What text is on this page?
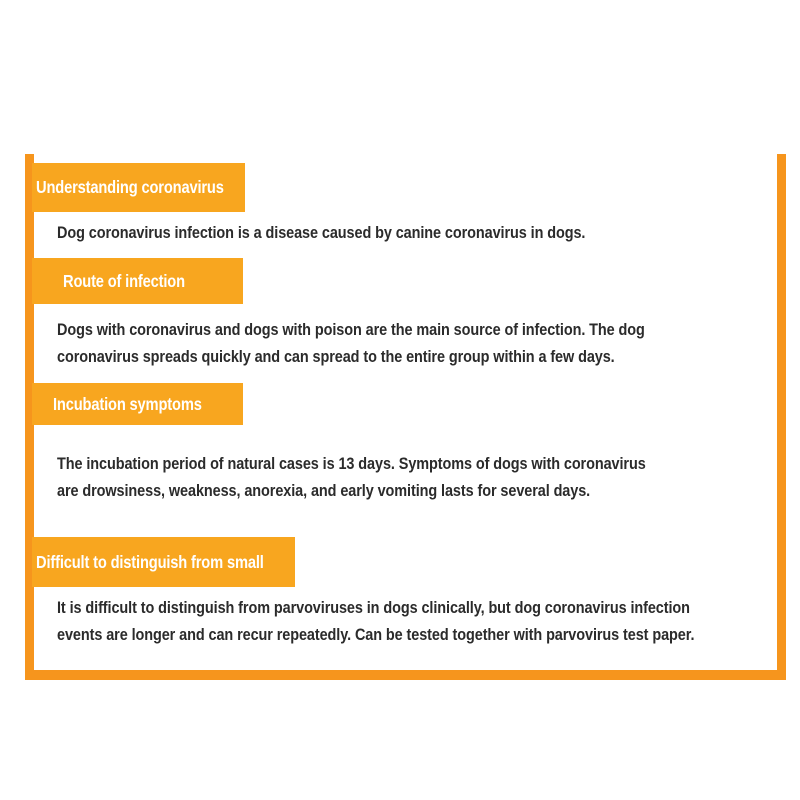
Understanding coronavirus
Dog coronavirus infection is a disease caused by canine coronavirus in dogs.
Route of infection
Dogs with coronavirus and dogs with poison are the main source of infection. The dog
coronavirus spreads quickly and can spread to the entire group within a few days.
Incubation symptoms
The incubation period of natural cases is 13 days. Symptoms of dogs with coronavirus
are drowsiness, weakness, anorexia, and early vomiting lasts for several days.
Difficult to distinguish from small
It is difficult to distinguish from parvoviruses in dogs clinically, but dog coronavirus infection
events are longer and can recur repeatedly. Can be tested together with parvovirus test paper.
